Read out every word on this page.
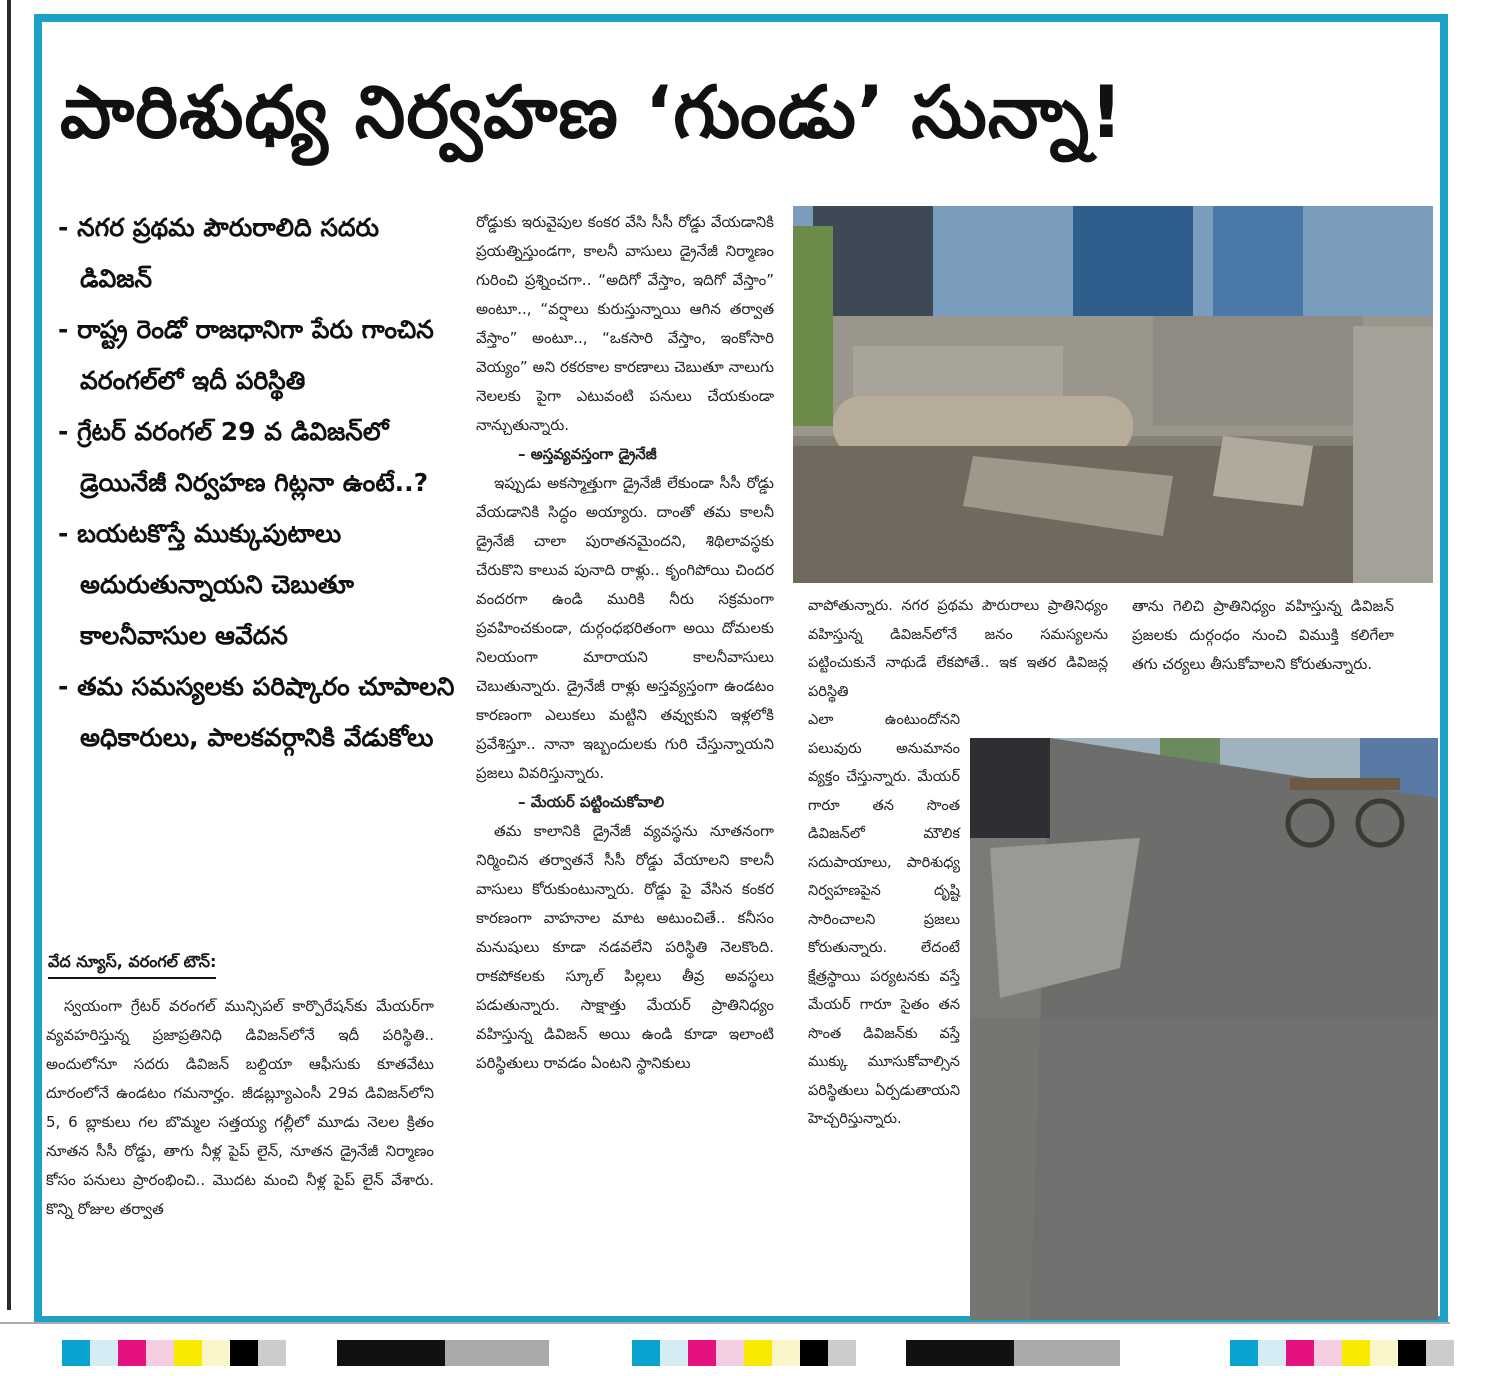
పారిశుధ్య నిర్వహణ ‘గుండు’ సున్నా!

- నగర ప్రథమ పౌరురాలిది సదరు డివిజన్

- రాష్ట్ర రెండో రాజధానిగా పేరు గాంచిన వరంగల్‌లో ఇదీ పరిస్థితి

- గ్రేటర్ వరంగల్ 29 వ డివిజన్‌లో డ్రెయినేజీ నిర్వహణ గిట్లనా ఉంటే..?

- బయటకొస్తే ముక్కుపుటాలు అదురుతున్నాయని చెబుతూ కాలనీవాసుల ఆవేదన

- తమ సమస్యలకు పరిష్కారం చూపాలని అధికారులు, పాలకవర్గానికి వేడుకోలు

వేద న్యూస్, వరంగల్ టౌన్:

స్వయంగా గ్రేటర్ వరంగల్ మున్సిపల్ కార్పొరేషన్‌కు మేయర్‌గా వ్యవహరిస్తున్న ప్రజాప్రతినిధి డివిజన్‌లోనే ఇదీ పరిస్థితి.. అందులోనూ సదరు డివిజన్ బల్దియా ఆఫీసుకు కూతవేటు దూరంలోనే ఉండటం గమనార్హం. జీడబ్ల్యూఎంసీ 29వ డివిజన్‌లోని 5, 6 బ్లాకులు గల బొమ్మల సత్తయ్య గల్లీలో మూడు నెలల క్రితం నూతన సీసీ రోడ్డు, తాగు నీళ్ల పైప్ లైన్, నూతన డ్రైనేజీ నిర్మాణం కోసం పనులు ప్రారంభించి.. మొదట మంచి నీళ్ల పైప్ లైన్ వేశారు. కొన్ని రోజుల తర్వాత

రోడ్డుకు ఇరువైపుల కంకర వేసి సీసీ రోడ్డు వేయడానికి ప్రయత్నిస్తుండగా, కాలనీ వాసులు డ్రైనేజీ నిర్మాణం గురించి ప్రశ్నించగా.. “అదిగో వేస్తాం, ఇదిగో వేస్తాం” అంటూ.., “వర్షాలు కురుస్తున్నాయి ఆగిన తర్వాత వేస్తాం” అంటూ.., “ఒకసారి వేస్తాం, ఇంకోసారి వెయ్యం” అని రకరకాల కారణాలు చెబుతూ నాలుగు నెలలకు పైగా ఎటువంటి పనులు చేయకుండా నాన్చుతున్నారు.

– అస్తవ్యవస్తంగా డ్రైనేజీ

ఇప్పుడు అకస్మాత్తుగా డ్రైనేజీ లేకుండా సీసీ రోడ్డు వేయడానికి సిద్ధం అయ్యారు. దాంతో తమ కాలనీ డ్రైనేజీ చాలా పురాతనమైందని, శిథిలావస్థకు చేరుకొని కాలువ పునాది రాళ్లు.. కృంగిపోయి చిందర వందరగా ఉండి మురికి నీరు సక్రమంగా ప్రవహించకుండా, దుర్గంధభరితంగా అయి దోమలకు నిలయంగా మారాయని కాలనీవాసులు చెబుతున్నారు. డ్రైనేజీ రాళ్లు అస్తవ్యస్తంగా ఉండటం కారణంగా ఎలుకలు మట్టిని తవ్వుకుని ఇళ్లలోకి ప్రవేశిస్తూ.. నానా ఇబ్బందులకు గురి చేస్తున్నాయని ప్రజలు వివరిస్తున్నారు.

– మేయర్ పట్టించుకోవాలి

తమ కాలానికి డ్రైనేజీ వ్యవస్థను నూతనంగా నిర్మించిన తర్వాతనే సీసీ రోడ్డు వేయాలని కాలనీ వాసులు కోరుకుంటున్నారు. రోడ్డు పై వేసిన కంకర కారణంగా వాహనాల మాట అటుంచితే.. కనీసం మనుషులు కూడా నడవలేని పరిస్థితి నెలకొంది. రాకపోకలకు స్కూల్ పిల్లలు తీవ్ర అవస్థలు పడుతున్నారు. సాక్షాత్తు మేయర్ ప్రాతినిధ్యం వహిస్తున్న డివిజన్ అయి ఉండి కూడా ఇలాంటి పరిస్థితులు రావడం ఏంటని స్థానికులు

వాపోతున్నారు. నగర ప్రథమ పౌరురాలు ప్రాతినిధ్యం వహిస్తున్న డివిజన్‌లోనే జనం సమస్యలను పట్టించుకునే నాథుడే లేకపోతే.. ఇక ఇతర డివిజన్ల పరిస్థితి

ఎలా ఉంటుందోనని పలువురు అనుమానం వ్యక్తం చేస్తున్నారు. మేయర్ గారూ తన సొంత డివిజన్‌లో మౌలిక సదుపాయాలు, పారిశుధ్య నిర్వహణపైన దృష్టి సారించాలని ప్రజలు కోరుతున్నారు. లేదంటే క్షేత్రస్థాయి పర్యటనకు వస్తే మేయర్ గారూ సైతం తన సొంత డివిజన్‌కు వస్తే ముక్కు మూసుకోవాల్సిన పరిస్థితులు ఏర్పడుతాయని హెచ్చరిస్తున్నారు.

తాను గెలిచి ప్రాతినిధ్యం వహిస్తున్న డివిజన్ ప్రజలకు దుర్గంధం నుంచి విముక్తి కలిగేలా తగు చర్యలు తీసుకోవాలని కోరుతున్నారు.
